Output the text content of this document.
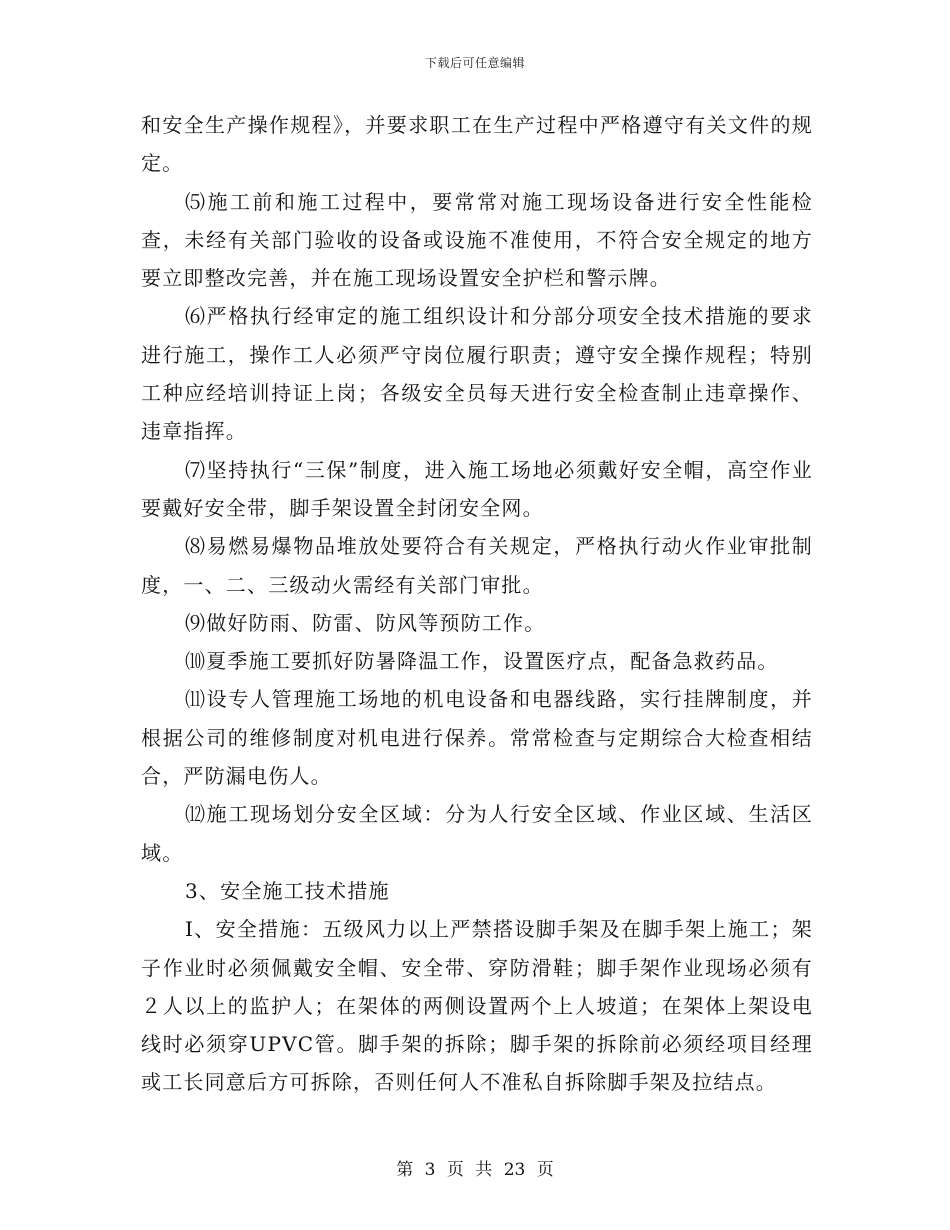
下载后可任意编辑

和安全生产操作规程》，并要求职工在生产过程中严格遵守有关文件的规定。

⑸施工前和施工过程中，要常常对施工现场设备进行安全性能检查，未经有关部门验收的设备或设施不准使用，不符合安全规定的地方要立即整改完善，并在施工现场设置安全护栏和警示牌。

⑹严格执行经审定的施工组织设计和分部分项安全技术措施的要求进行施工，操作工人必须严守岗位履行职责；遵守安全操作规程；特别工种应经培训持证上岗；各级安全员每天进行安全检查制止违章操作、违章指挥。

⑺坚持执行“三保”制度，进入施工场地必须戴好安全帽，高空作业要戴好安全带，脚手架设置全封闭安全网。

⑻易燃易爆物品堆放处要符合有关规定，严格执行动火作业审批制度，一、二、三级动火需经有关部门审批。

⑼做好防雨、防雷、防风等预防工作。

⑽夏季施工要抓好防暑降温工作，设置医疗点，配备急救药品。

⑾设专人管理施工场地的机电设备和电器线路，实行挂牌制度，并根据公司的维修制度对机电进行保养。常常检查与定期综合大检查相结合，严防漏电伤人。

⑿施工现场划分安全区域：分为人行安全区域、作业区域、生活区域。

3、安全施工技术措施

Ⅰ、安全措施：五级风力以上严禁搭设脚手架及在脚手架上施工；架子作业时必须佩戴安全帽、安全带、穿防滑鞋；脚手架作业现场必须有２人以上的监护人；在架体的两侧设置两个上人坡道；在架体上架设电线时必须穿UPVC管。脚手架的拆除；脚手架的拆除前必须经项目经理或工长同意后方可拆除，否则任何人不准私自拆除脚手架及拉结点。

第 3 页 共 23 页
